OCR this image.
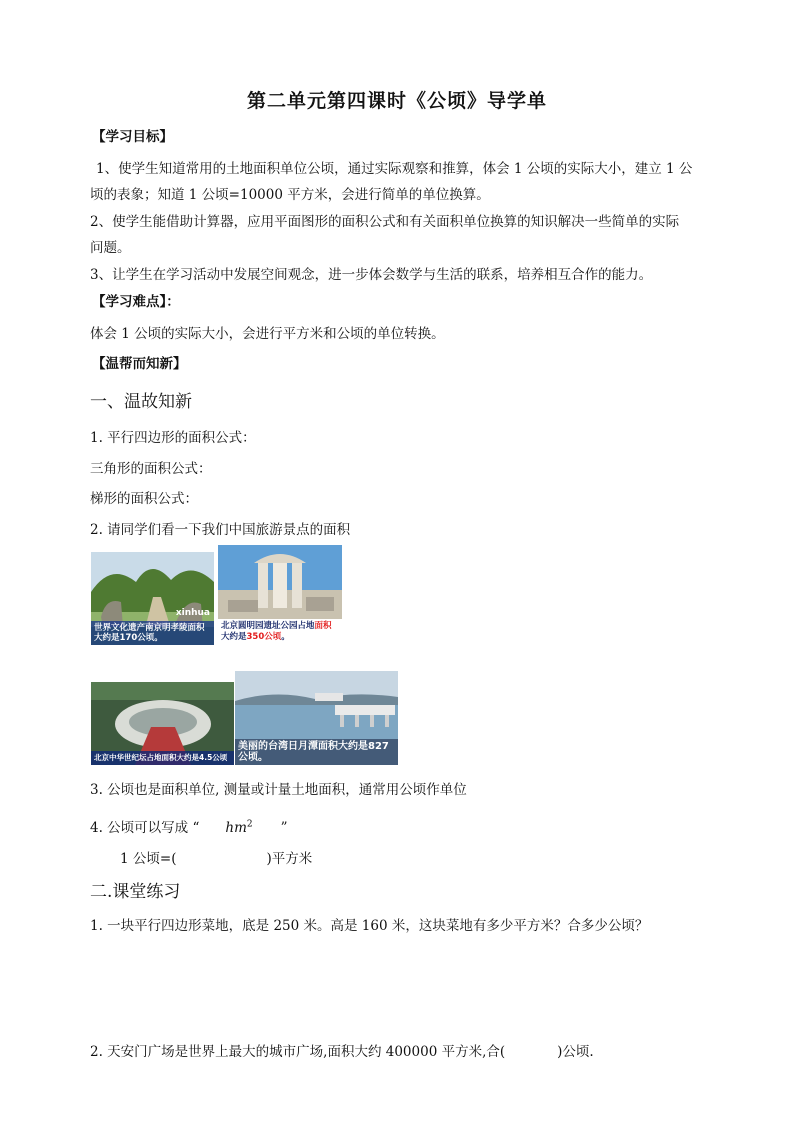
第二单元第四课时《公顷》导学单
【学习目标】
1、使学生知道常用的土地面积单位公顷，通过实际观察和推算，体会 1 公顷的实际大小，建立 1 公
顷的表象；知道 1 公顷=10000 平方米，会进行简单的单位换算。
2、使学生能借助计算器，应用平面图形的面积公式和有关面积单位换算的知识解决一些简单的实际
问题。
3、让学生在学习活动中发展空间观念，进一步体会数学与生活的联系，培养相互合作的能力。
【学习难点】：
体会 1 公顷的实际大小，会进行平方米和公顷的单位转换。
【温帮而知新】
一、温故知新
1. 平行四边形的面积公式：
三角形的面积公式：
梯形的面积公式：
2. 请同学们看一下我们中国旅游景点的面积
xinhua
世界文化遗产南京明孝陵面积大约是170公顷。
北京圆明园遗址公园占地面积大约是350公顷。
北京中华世纪坛占地面积大约是4.5公顷
美丽的台湾日月潭面积大约是827公顷。
3. 公顷也是面积单位, 测量或计量土地面积，通常用公顷作单位
4. 公顷可以写成 “ $hm^2$ ”
1 公顷=(	)平方米
二.课堂练习
1. 一块平行四边形菜地，底是 250 米。高是 160 米，这块菜地有多少平方米？合多少公顷？
2. 天安门广场是世界上最大的城市广场,面积大约 400000 平方米,合(	)公顷.
